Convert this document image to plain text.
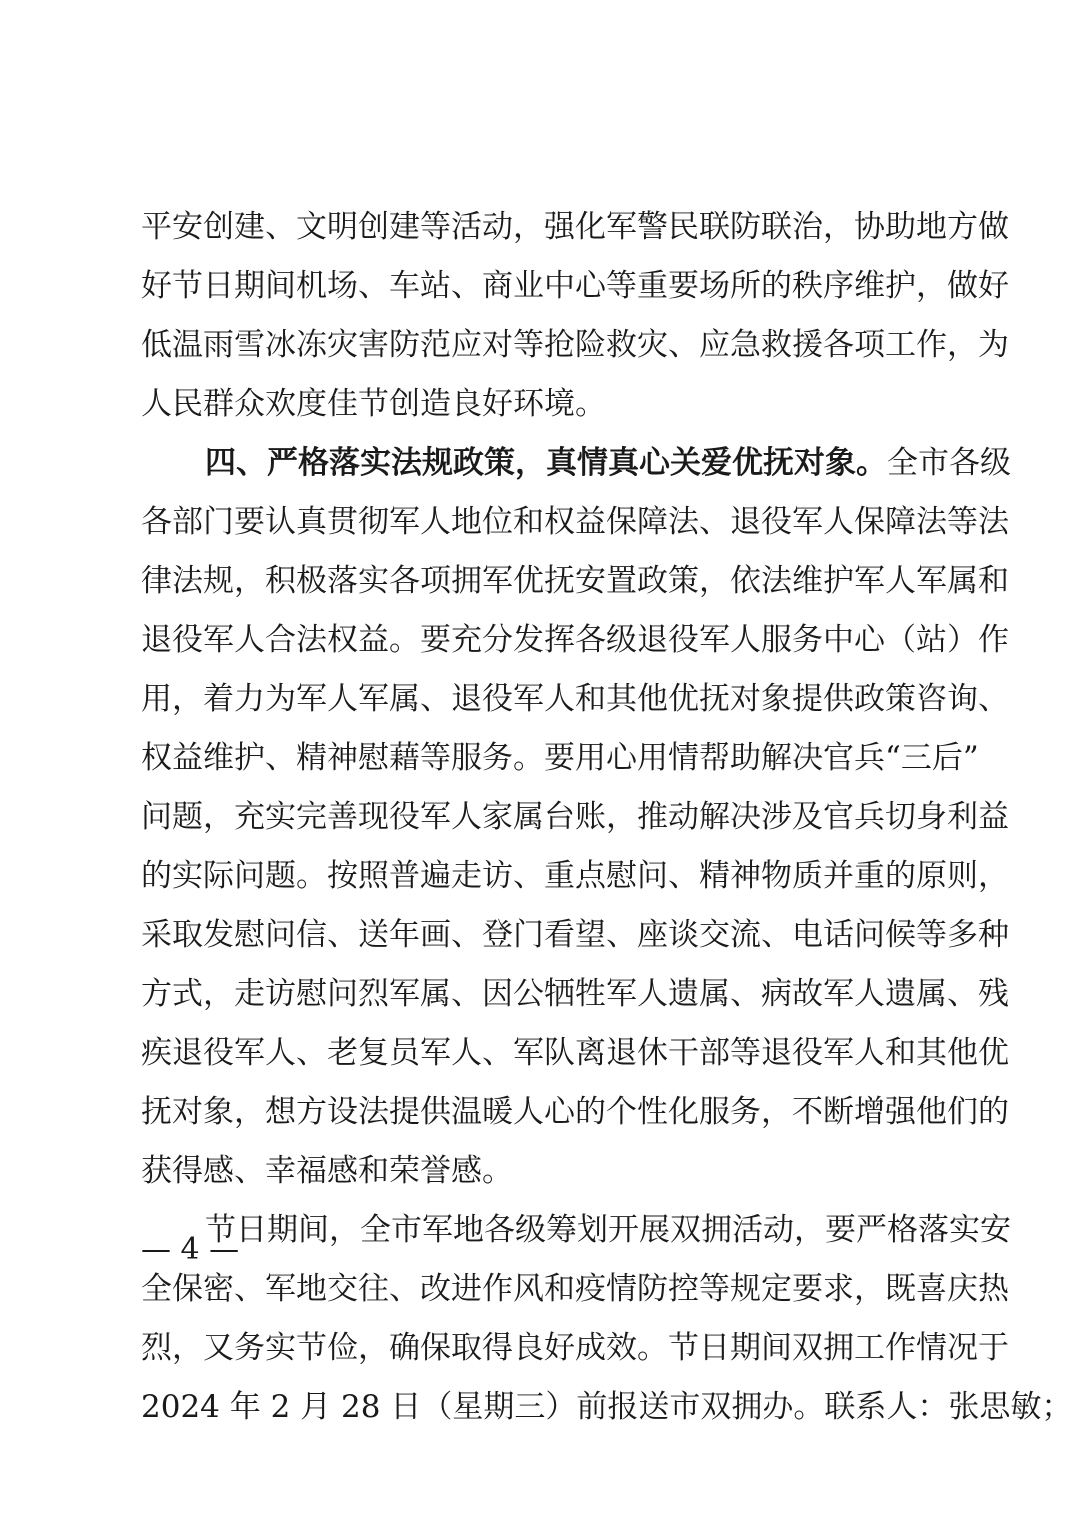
平安创建、文明创建等活动，强化军警民联防联治，协助地方做
好节日期间机场、车站、商业中心等重要场所的秩序维护，做好
低温雨雪冰冻灾害防范应对等抢险救灾、应急救援各项工作，为
人民群众欢度佳节创造良好环境。
四、严格落实法规政策，真情真心关爱优抚对象。全市各级
各部门要认真贯彻军人地位和权益保障法、退役军人保障法等法
律法规，积极落实各项拥军优抚安置政策，依法维护军人军属和
退役军人合法权益。要充分发挥各级退役军人服务中心（站）作
用，着力为军人军属、退役军人和其他优抚对象提供政策咨询、
权益维护、精神慰藉等服务。要用心用情帮助解决官兵“三后”
问题，充实完善现役军人家属台账，推动解决涉及官兵切身利益
的实际问题。按照普遍走访、重点慰问、精神物质并重的原则，
采取发慰问信、送年画、登门看望、座谈交流、电话问候等多种
方式，走访慰问烈军属、因公牺牲军人遗属、病故军人遗属、残
疾退役军人、老复员军人、军队离退休干部等退役军人和其他优
抚对象，想方设法提供温暖人心的个性化服务，不断增强他们的
获得感、幸福感和荣誉感。
节日期间，全市军地各级筹划开展双拥活动，要严格落实安
全保密、军地交往、改进作风和疫情防控等规定要求，既喜庆热
烈，又务实节俭，确保取得良好成效。节日期间双拥工作情况于
2024 年 2 月 28 日（星期三）前报送市双拥办。联系人：张思敏；
— 4 —
